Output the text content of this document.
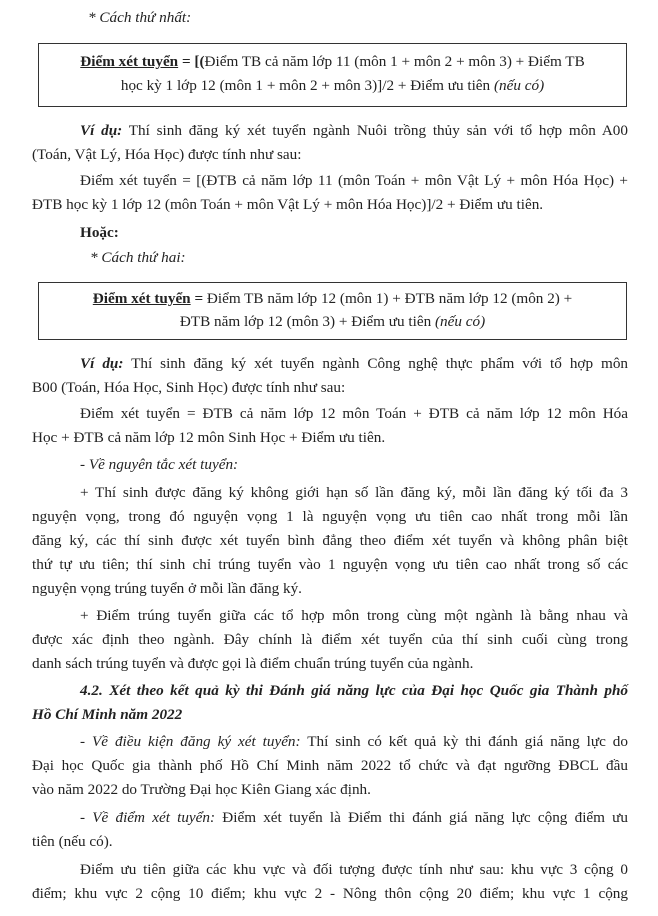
* Cách thứ nhất:
Điểm xét tuyển = [(Điểm TB cả năm lớp 11 (môn 1 + môn 2 + môn 3) + Điểm TB
học kỳ 1 lớp 12 (môn 1 + môn 2 + môn 3)]/2 + Điểm ưu tiên (nếu có)
Ví dụ: Thí sinh đăng ký xét tuyển ngành Nuôi trồng thủy sản với tổ hợp môn A00
(Toán, Vật Lý, Hóa Học) được tính như sau:
Điểm xét tuyển = [(ĐTB cả năm lớp 11 (môn Toán + môn Vật Lý + môn Hóa Học) +
ĐTB học kỳ 1 lớp 12 (môn Toán + môn Vật Lý + môn Hóa Học)]/2 + Điểm ưu tiên.
Hoặc:
* Cách thứ hai:
Điểm xét tuyển = Điểm TB năm lớp 12 (môn 1) + ĐTB năm lớp 12 (môn 2) +
ĐTB năm lớp 12 (môn 3) + Điểm ưu tiên (nếu có)
Ví dụ: Thí sinh đăng ký xét tuyển ngành Công nghệ thực phẩm với tổ hợp môn
B00 (Toán, Hóa Học, Sinh Học) được tính như sau:
Điểm xét tuyển = ĐTB cả năm lớp 12 môn Toán + ĐTB cả năm lớp 12 môn Hóa
Học + ĐTB cả năm lớp 12 môn Sinh Học + Điểm ưu tiên.
- Về nguyên tắc xét tuyển:
+ Thí sinh được đăng ký không giới hạn số lần đăng ký, mỗi lần đăng ký tối đa 3
nguyện vọng, trong đó nguyện vọng 1 là nguyện vọng ưu tiên cao nhất trong mỗi lần
đăng ký, các thí sinh được xét tuyển bình đẳng theo điểm xét tuyển và không phân biệt
thứ tự ưu tiên; thí sinh chỉ trúng tuyển vào 1 nguyện vọng ưu tiên cao nhất trong số các
nguyện vọng trúng tuyển ở mỗi lần đăng ký.
+ Điểm trúng tuyển giữa các tổ hợp môn trong cùng một ngành là bằng nhau và
được xác định theo ngành. Đây chính là điểm xét tuyển của thí sinh cuối cùng trong
danh sách trúng tuyển và được gọi là điểm chuẩn trúng tuyển của ngành.
4.2. Xét theo kết quả kỳ thi Đánh giá năng lực của Đại học Quốc gia Thành phố
Hồ Chí Minh năm 2022
- Về điều kiện đăng ký xét tuyển: Thí sinh có kết quả kỳ thi đánh giá năng lực do
Đại học Quốc gia thành phố Hồ Chí Minh năm 2022 tổ chức và đạt ngưỡng ĐBCL đầu
vào năm 2022 do Trường Đại học Kiên Giang xác định.
- Về điểm xét tuyển: Điểm xét tuyển là Điểm thi đánh giá năng lực cộng điểm ưu
tiên (nếu có).
Điểm ưu tiên giữa các khu vực và đối tượng được tính như sau: khu vực 3 cộng 0
điểm; khu vực 2 cộng 10 điểm; khu vực 2 - Nông thôn cộng 20 điểm; khu vực 1 cộng
